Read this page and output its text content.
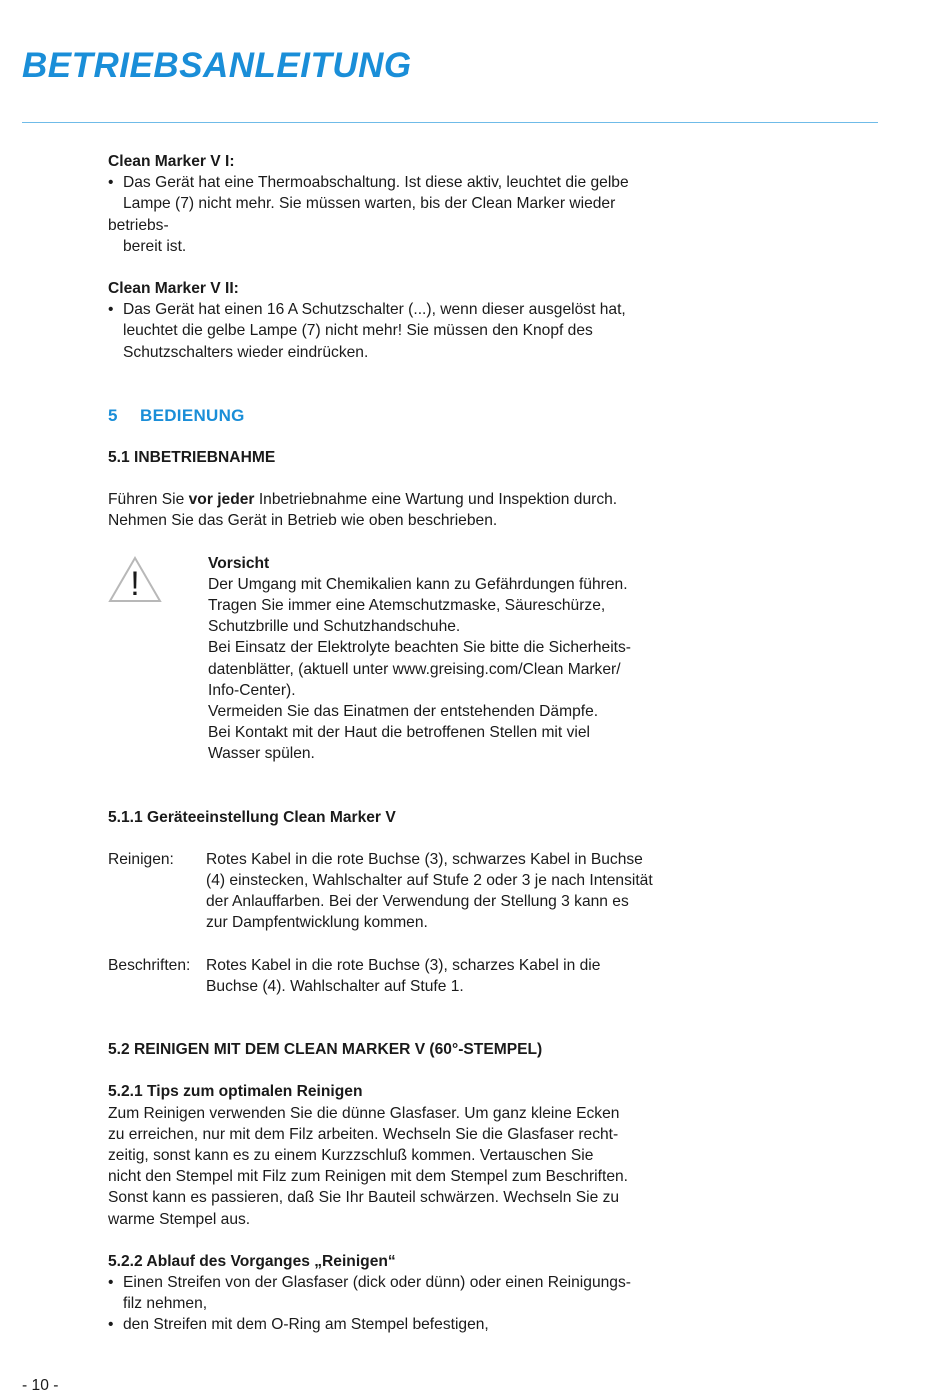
BETRIEBSANLEITUNG

Clean Marker V I:

• Das Gerät hat eine Thermoabschaltung. Ist diese aktiv, leuchtet die gelbe

Lampe (7) nicht mehr. Sie müssen warten, bis der Clean Marker wieder

betriebs-

bereit ist.

Clean Marker V II:

• Das Gerät hat einen 16 A Schutzschalter (...), wenn dieser ausgelöst hat,

leuchtet die gelbe Lampe (7) nicht mehr! Sie müssen den Knopf des

Schutzschalters wieder eindrücken.

5 BEDIENUNG

5.1 INBETRIEBNAHME

Führen Sie vor jeder Inbetriebnahme eine Wartung und Inspektion durch.

Nehmen Sie das Gerät in Betrieb wie oben beschrieben.

!

Vorsicht

Der Umgang mit Chemikalien kann zu Gefährdungen führen.

Tragen Sie immer eine Atemschutzmaske, Säureschürze,

Schutzbrille und Schutzhandschuhe.

Bei Einsatz der Elektrolyte beachten Sie bitte die Sicherheits-

datenblätter, (aktuell unter www.greising.com/Clean Marker/

Info-Center).

Vermeiden Sie das Einatmen der entstehenden Dämpfe.

Bei Kontakt mit der Haut die betroffenen Stellen mit viel

Wasser spülen.

5.1.1 Geräteeinstellung Clean Marker V

Reinigen: Rotes Kabel in die rote Buchse (3), schwarzes Kabel in Buchse

(4) einstecken, Wahlschalter auf Stufe 2 oder 3 je nach Intensität

der Anlauffarben. Bei der Verwendung der Stellung 3 kann es

zur Dampfentwicklung kommen.

Beschriften: Rotes Kabel in die rote Buchse (3), scharzes Kabel in die

Buchse (4). Wahlschalter auf Stufe 1.

5.2 REINIGEN MIT DEM CLEAN MARKER V (60°-STEMPEL)

5.2.1 Tips zum optimalen Reinigen

Zum Reinigen verwenden Sie die dünne Glasfaser. Um ganz kleine Ecken

zu erreichen, nur mit dem Filz arbeiten. Wechseln Sie die Glasfaser recht-

zeitig, sonst kann es zu einem Kurzzschluß kommen. Vertauschen Sie

nicht den Stempel mit Filz zum Reinigen mit dem Stempel zum Beschriften.

Sonst kann es passieren, daß Sie Ihr Bauteil schwärzen. Wechseln Sie zu

warme Stempel aus.

5.2.2 Ablauf des Vorganges „Reinigen“

• Einen Streifen von der Glasfaser (dick oder dünn) oder einen Reinigungs-

filz nehmen,

• den Streifen mit dem O-Ring am Stempel befestigen,

- 10 -
